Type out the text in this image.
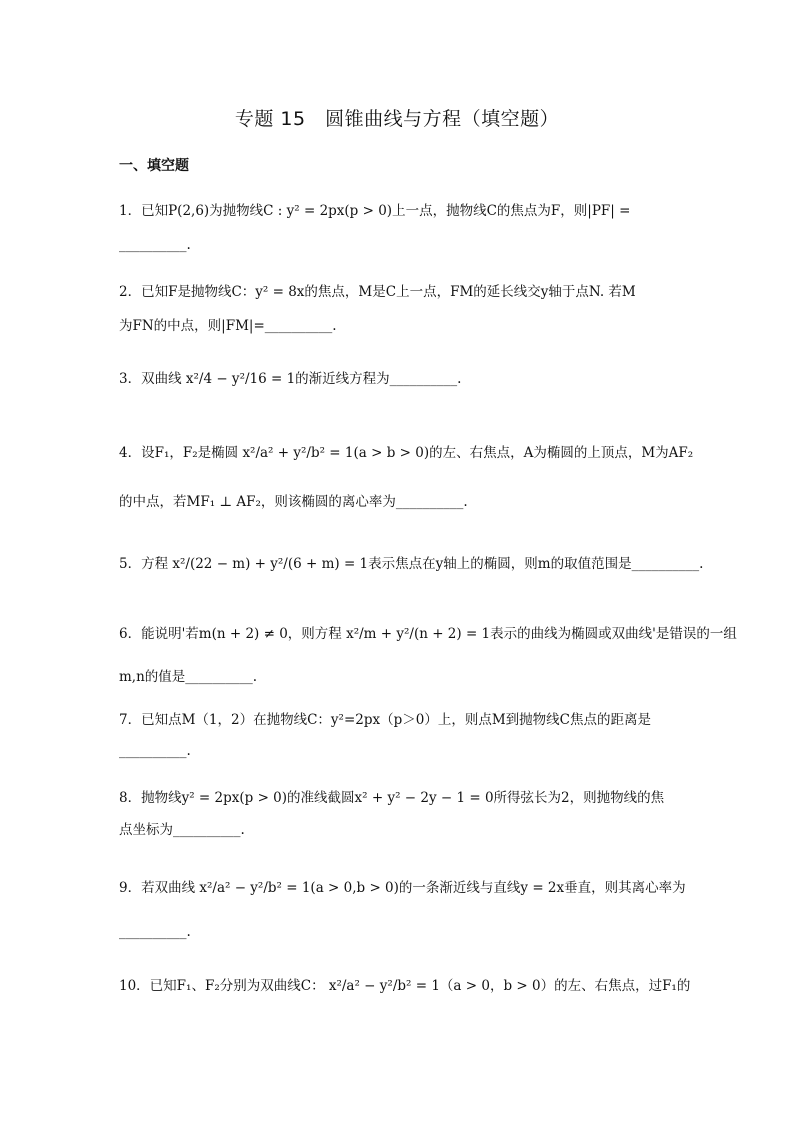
专题 15　圆锥曲线与方程（填空题）
一、填空题
1．已知P(2,6)为抛物线C : y² = 2px(p > 0)上一点，抛物线C的焦点为F，则|PF| =
__________.
2．已知F是抛物线C：y² = 8x的焦点，M是C上一点，FM的延长线交y轴于点N. 若M
为FN的中点，则|FM|=__________.
3．双曲线 x²/4 − y²/16 = 1的渐近线方程为__________.
4．设F₁，F₂是椭圆 x²/a² + y²/b² = 1(a > b > 0)的左、右焦点，A为椭圆的上顶点，M为AF₂
的中点，若MF₁ ⊥ AF₂，则该椭圆的离心率为__________.
5．方程 x²/(22 − m) + y²/(6 + m) = 1表示焦点在y轴上的椭圆，则m的取值范围是__________.
6．能说明'若m(n + 2) ≠ 0，则方程 x²/m + y²/(n + 2) = 1表示的曲线为椭圆或双曲线'是错误的一组
m,n的值是__________.
7．已知点M（1，2）在抛物线C：y²=2px（p＞0）上，则点M到抛物线C焦点的距离是
__________.
8．抛物线y² = 2px(p > 0)的准线截圆x² + y² − 2y − 1 = 0所得弦长为2，则抛物线的焦
点坐标为__________.
9．若双曲线 x²/a² − y²/b² = 1(a > 0,b > 0)的一条渐近线与直线y = 2x垂直，则其离心率为
__________.
10．已知F₁、F₂分别为双曲线C： x²/a² − y²/b² = 1（a > 0，b > 0）的左、右焦点，过F₁的
